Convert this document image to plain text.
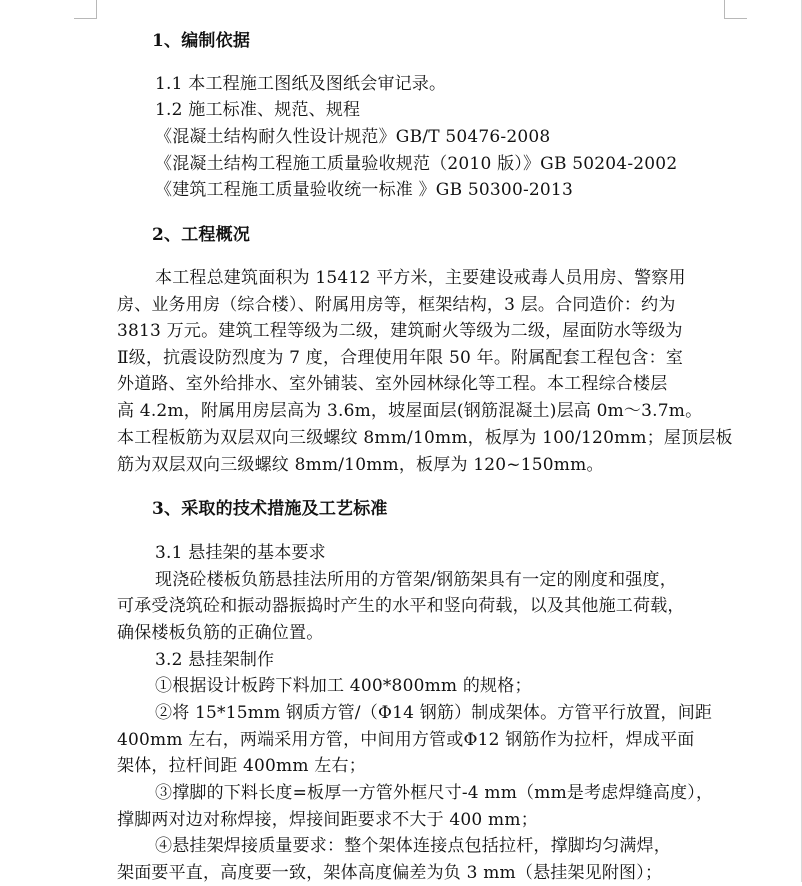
1、编制依据
1.1 本工程施工图纸及图纸会审记录。
1.2 施工标准、规范、规程
《混凝土结构耐久性设计规范》GB/T 50476-2008
《混凝土结构工程施工质量验收规范（2010 版）》GB 50204-2002
《建筑工程施工质量验收统一标准 》GB 50300-2013
2、工程概况
本工程总建筑面积为 15412 平方米，主要建设戒毒人员用房、警察用
房、业务用房（综合楼）、附属用房等，框架结构，3 层。合同造价：约为
3813 万元。建筑工程等级为二级，建筑耐火等级为二级，屋面防水等级为
Ⅱ级，抗震设防烈度为 7 度，合理使用年限 50 年。附属配套工程包含：室
外道路、室外给排水、室外铺装、室外园林绿化等工程。本工程综合楼层
高 4.2m，附属用房层高为 3.6m，坡屋面层(钢筋混凝土)层高 0m～3.7m。
本工程板筋为双层双向三级螺纹 8mm/10mm，板厚为 100/120mm；屋顶层板
筋为双层双向三级螺纹 8mm/10mm，板厚为 120~150mm。
3、采取的技术措施及工艺标准
3.1 悬挂架的基本要求
现浇砼楼板负筋悬挂法所用的方管架/钢筋架具有一定的刚度和强度，
可承受浇筑砼和振动器振捣时产生的水平和竖向荷载，以及其他施工荷载，
确保楼板负筋的正确位置。
3.2 悬挂架制作
①根据设计板跨下料加工 400*800mm 的规格；
②将 15*15mm 钢质方管/（Φ14 钢筋）制成架体。方管平行放置，间距
400mm 左右，两端采用方管，中间用方管或Φ12 钢筋作为拉杆，焊成平面
架体，拉杆间距 400mm 左右；
③撑脚的下料长度=板厚一方管外框尺寸-4 mm（mm是考虑焊缝高度），
撑脚两对边对称焊接，焊接间距要求不大于 400 mm；
④悬挂架焊接质量要求：整个架体连接点包括拉杆，撑脚均匀满焊，
架面要平直，高度要一致，架体高度偏差为负 3 mm（悬挂架见附图）；
